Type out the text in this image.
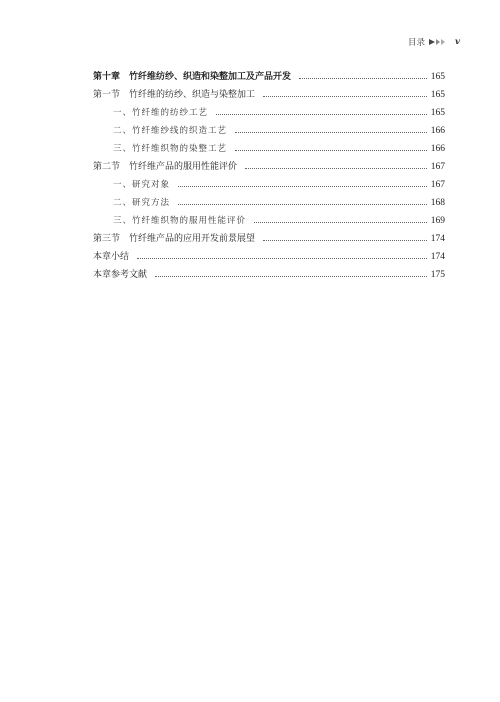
目录	v
第十章　竹纤维纺纱、织造和染整加工及产品开发	165
第一节　竹纤维的纺纱、织造与染整加工	165
一、竹纤维的纺纱工艺	165
二、竹纤维纱线的织造工艺	166
三、竹纤维织物的染整工艺	166
第二节　竹纤维产品的服用性能评价	167
一、研究对象	167
二、研究方法	168
三、竹纤维织物的服用性能评价	169
第三节　竹纤维产品的应用开发前景展望	174
本章小结	174
本章参考文献	175
